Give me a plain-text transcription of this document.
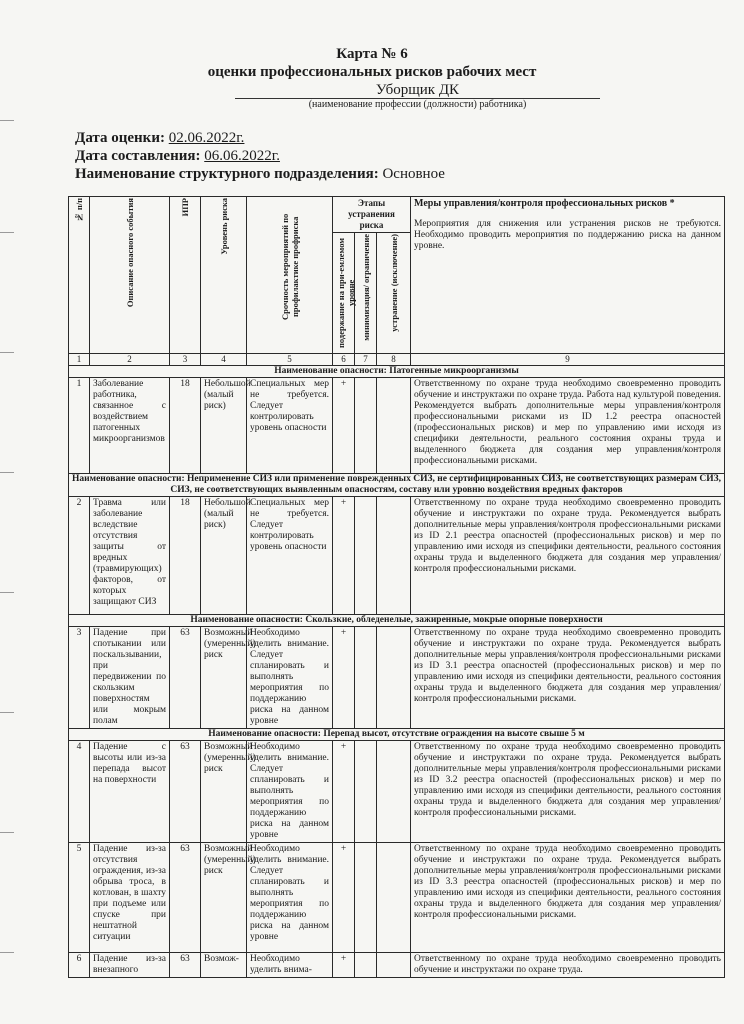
Карта № 6
оценки профессиональных рисков рабочих мест
Уборщик ДК
(наименование профессии (должности) работника)
Дата оценки: 02.06.2022г.
Дата составления: 06.06.2022г.
Наименование структурного подразделения: Основное
№ п/п	Описание опасного события	ИПР	Уровень риска	Срочность мероприятий по профилактике профриска	Этапы устранения риска			Меры управления/контроля профессиональных рисков *
Мероприятия для снижения или устранения рисков не требуются. Необходимо проводить мероприятия по поддержанию риска на данном уровне.

					подержание на при-емлемом уровне	минимизация/ ограничение	устранение (исключение)	

1	2	3	4	5	6	7	8	9
Наименование опасности: Патогенные микроорганизмы								
1	Заболевание работника, связанное с воздействием патогенных микроорганизмов	18	Небольшой (малый риск)	Специальных мер не требуется. Следует контролировать уровень опасности	+			Ответственному по охране труда необходимо своевременно проводить обучение и инструктажи по охране труда. Работа над культурой поведения. Рекомендуется выбрать дополнительные меры управления/контроля профессиональными рисками из ID 1.2 реестра опасностей (профессиональных рисков) и мер по управлению ими исходя из специфики деятельности, реального состояния охраны труда и выделенного бюджета для создания мер управления/контроля профессиональными рисками.
Наименование опасности: Неприменение СИЗ или применение поврежденных СИЗ, не сертифицированных СИЗ, не соответствующих размерам СИЗ, СИЗ, не соответствующих выявленным опасностям, составу или уровню воздействия вредных факторов								
2	Травма или заболевание вследствие отсутствия защиты от вредных (травмирующих) факторов, от которых защищают СИЗ	18	Небольшой (малый риск)	Специальных мер не требуется. Следует контролировать уровень опасности	+			Ответственному по охране труда необходимо своевременно проводить обучение и инструктажи по охране труда. Рекомендуется выбрать дополнительные меры управления/контроля профессиональными рисками из ID 2.1 реестра опасностей (профессиональных рисков) и мер по управлению ими исходя из специфики деятельности, реального состояния охраны труда и выделенного бюджета для создания мер управления/контроля профессиональными рисками.
Наименование опасности: Скользкие, обледенелые, зажиренные, мокрые опорные поверхности								
3	Падение при спотыкании или поскальзывании, при передвижении по скользким поверхностям или мокрым полам	63	Возможный (умеренный) риск	Необходимо уделить внимание. Следует спланировать и выполнять мероприятия по поддержанию риска на данном уровне	+			Ответственному по охране труда необходимо своевременно проводить обучение и инструктажи по охране труда. Рекомендуется выбрать дополнительные меры управления/контроля профессиональными рисками из ID 3.1 реестра опасностей (профессиональных рисков) и мер по управлению ими исходя из специфики деятельности, реального состояния охраны труда и выделенного бюджета для создания мер управления/контроля профессиональными рисками.
Наименование опасности: Перепад высот, отсутствие ограждения на высоте свыше 5 м								
4	Падение с высоты или из-за перепада высот на поверхности	63	Возможный (умеренный) риск	Необходимо уделить внимание. Следует спланировать и выполнять мероприятия по поддержанию риска на данном уровне	+			Ответственному по охране труда необходимо своевременно проводить обучение и инструктажи по охране труда. Рекомендуется выбрать дополнительные меры управления/контроля профессиональными рисками из ID 3.2 реестра опасностей (профессиональных рисков) и мер по управлению ими исходя из специфики деятельности, реального состояния охраны труда и выделенного бюджета для создания мер управления/контроля профессиональными рисками.
5	Падение из-за отсутствия ограждения, из-за обрыва троса, в котлован, в шахту при подъеме или спуске при нештатной ситуации	63	Возможный (умеренный) риск	Необходимо уделить внимание. Следует спланировать и выполнять мероприятия по поддержанию риска на данном уровне	+			Ответственному по охране труда необходимо своевременно проводить обучение и инструктажи по охране труда. Рекомендуется выбрать дополнительные меры управления/контроля профессиональными рисками из ID 3.3 реестра опасностей (профессиональных рисков) и мер по управлению ими исходя из специфики деятельности, реального состояния охраны труда и выделенного бюджета для создания мер управления/контроля профессиональными рисками.
6	Падение из-за внезапного	63	Возмож-	Необходимо уделить внима-	+			Ответственному по охране труда необходимо своевременно проводить обучение и инструктажи по охране труда.
